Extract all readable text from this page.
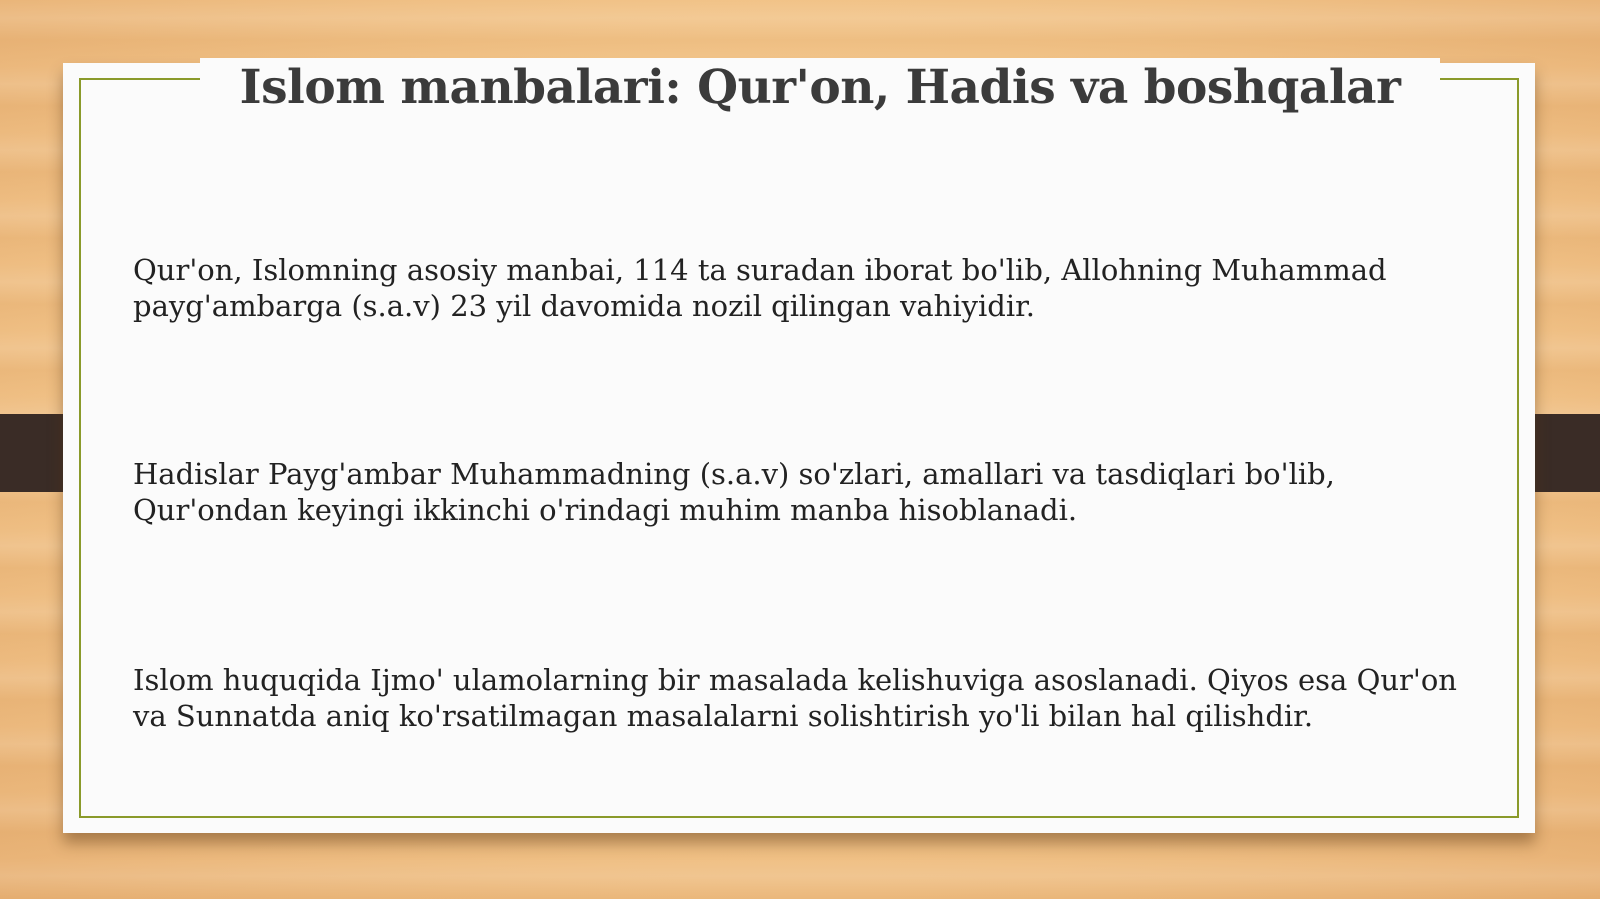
Islom manbalari: Qur'on, Hadis va boshqalar

Qur'on, Islomning asosiy manbai, 114 ta suradan iborat bo'lib, Allohning Muhammad payg'ambarga (s.a.v) 23 yil davomida nozil qilingan vahiyidir.

Hadislar Payg'ambar Muhammadning (s.a.v) so'zlari, amallari va tasdiqlari bo'lib, Qur'ondan keyingi ikkinchi o'rindagi muhim manba hisoblanadi.

Islom huquqida Ijmo' ulamolarning bir masalada kelishuviga asoslanadi. Qiyos esa Qur'on va Sunnatda aniq ko'rsatilmagan masalalarni solishtirish yo'li bilan hal qilishdir.
